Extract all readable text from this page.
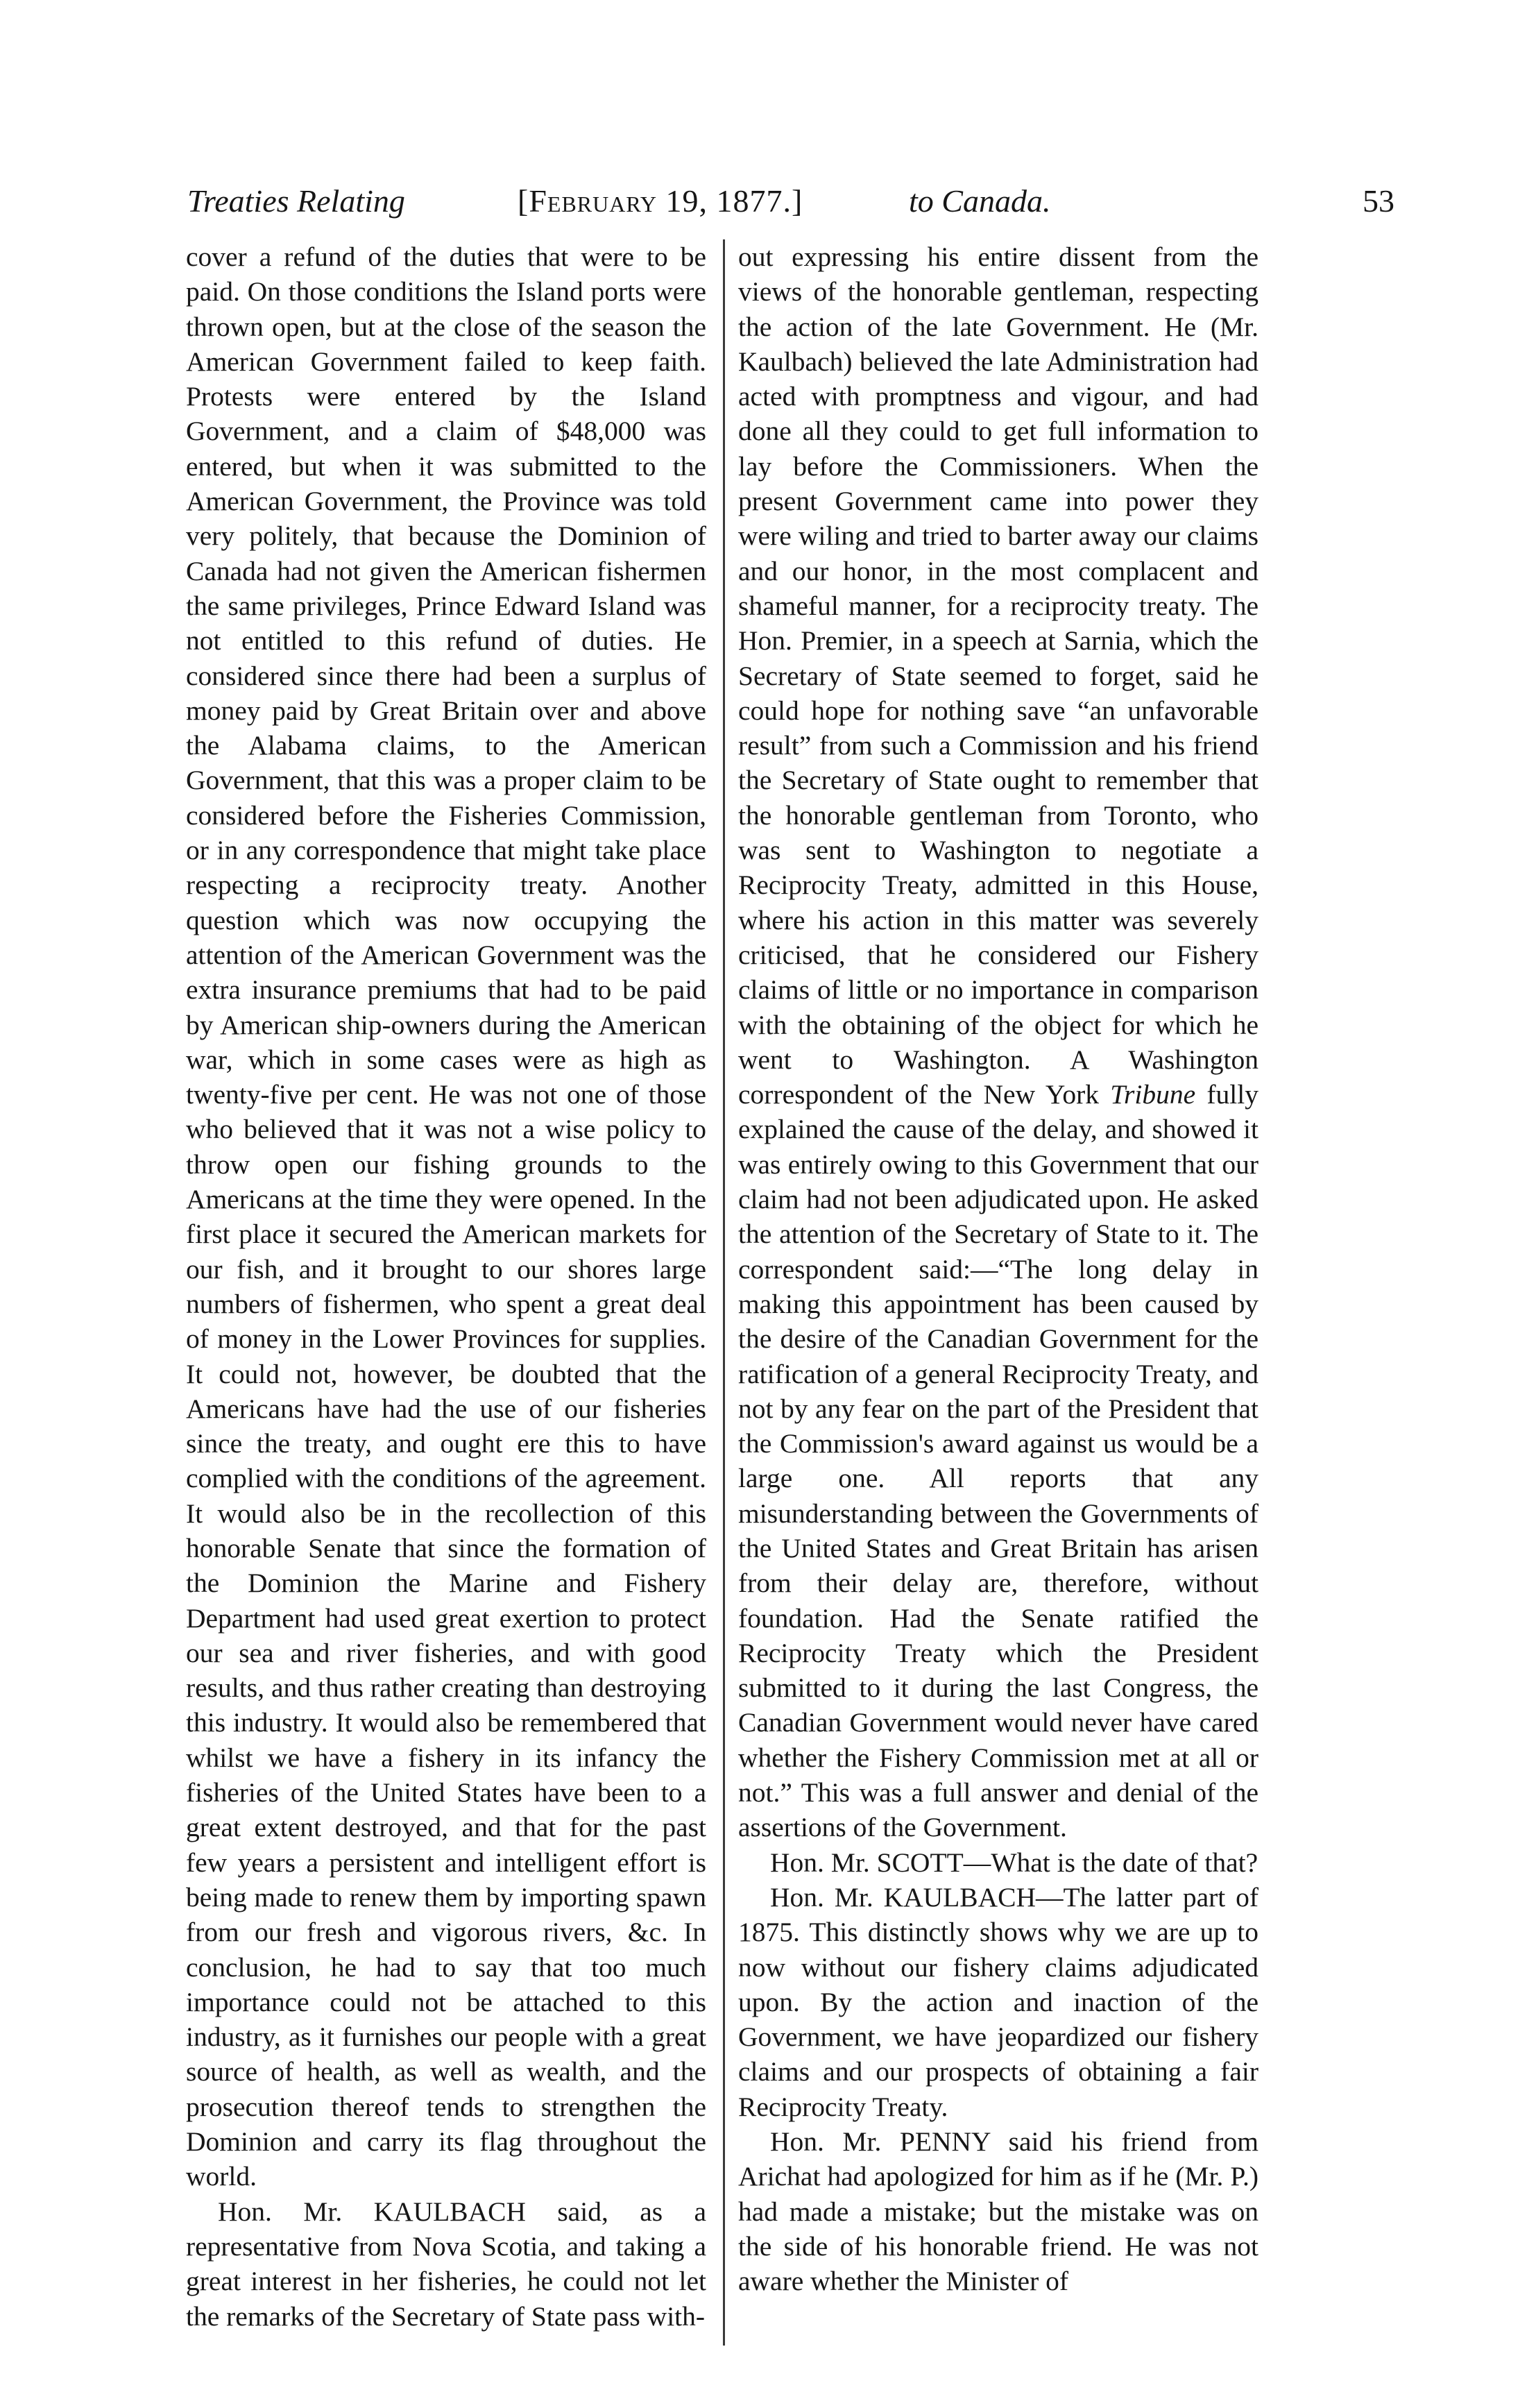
Treaties Relating	[February 19, 1877.]	to Canada.	53

cover a refund of the duties that were to be paid. On those conditions the Island ports were thrown open, but at the close of the season the American Government failed to keep faith. Protests were entered by the Island Government, and a claim of $48,000 was entered, but when it was submitted to the American Government, the Province was told very politely, that because the Dominion of Canada had not given the American fishermen the same privileges, Prince Edward Island was not entitled to this refund of duties. He considered since there had been a surplus of money paid by Great Britain over and above the Alabama claims, to the American Government, that this was a proper claim to be considered before the Fisheries Commission, or in any correspondence that might take place respecting a reciprocity treaty. Another question which was now occupying the attention of the American Government was the extra insurance premiums that had to be paid by American ship-owners during the American war, which in some cases were as high as twenty-five per cent. He was not one of those who believed that it was not a wise policy to throw open our fishing grounds to the Americans at the time they were opened. In the first place it secured the American markets for our fish, and it brought to our shores large numbers of fishermen, who spent a great deal of money in the Lower Provinces for supplies. It could not, however, be doubted that the Americans have had the use of our fisheries since the treaty, and ought ere this to have complied with the conditions of the agreement. It would also be in the recollection of this honorable Senate that since the formation of the Dominion the Marine and Fishery Department had used great exertion to protect our sea and river fisheries, and with good results, and thus rather creating than destroying this industry. It would also be remembered that whilst we have a fishery in its infancy the fisheries of the United States have been to a great extent destroyed, and that for the past few years a persistent and intelligent effort is being made to renew them by importing spawn from our fresh and vigorous rivers, &c. In conclusion, he had to say that too much importance could not be attached to this industry, as it furnishes our people with a great source of health, as well as wealth, and the prosecution thereof tends to strengthen the Dominion and carry its flag throughout the world.

Hon. Mr. KAULBACH said, as a representative from Nova Scotia, and taking a great interest in her fisheries, he could not let the remarks of the Secretary of State pass with-

out expressing his entire dissent from the views of the honorable gentleman, respecting the action of the late Government. He (Mr. Kaulbach) believed the late Administration had acted with promptness and vigour, and had done all they could to get full information to lay before the Commissioners. When the present Government came into power they were wiling and tried to barter away our claims and our honor, in the most complacent and shameful manner, for a reciprocity treaty. The Hon. Premier, in a speech at Sarnia, which the Secretary of State seemed to forget, said he could hope for nothing save “an unfavorable result” from such a Commission and his friend the Secretary of State ought to remember that the honorable gentleman from Toronto, who was sent to Washington to negotiate a Reciprocity Treaty, admitted in this House, where his action in this matter was severely criticised, that he considered our Fishery claims of little or no importance in comparison with the obtaining of the object for which he went to Washington. A Washington correspondent of the New York Tribune fully explained the cause of the delay, and showed it was entirely owing to this Government that our claim had not been adjudicated upon. He asked the attention of the Secretary of State to it. The correspondent said:—“The long delay in making this appointment has been caused by the desire of the Canadian Government for the ratification of a general Reciprocity Treaty, and not by any fear on the part of the President that the Commission's award against us would be a large one. All reports that any misunderstanding between the Governments of the United States and Great Britain has arisen from their delay are, therefore, without foundation. Had the Senate ratified the Reciprocity Treaty which the President submitted to it during the last Congress, the Canadian Government would never have cared whether the Fishery Commission met at all or not.” This was a full answer and denial of the assertions of the Government.

Hon. Mr. SCOTT—What is the date of that?

Hon. Mr. KAULBACH—The latter part of 1875. This distinctly shows why we are up to now without our fishery claims adjudicated upon. By the action and inaction of the Government, we have jeopardized our fishery claims and our prospects of obtaining a fair Reciprocity Treaty.

Hon. Mr. PENNY said his friend from Arichat had apologized for him as if he (Mr. P.) had made a mistake; but the mistake was on the side of his honorable friend. He was not aware whether the Minister of
